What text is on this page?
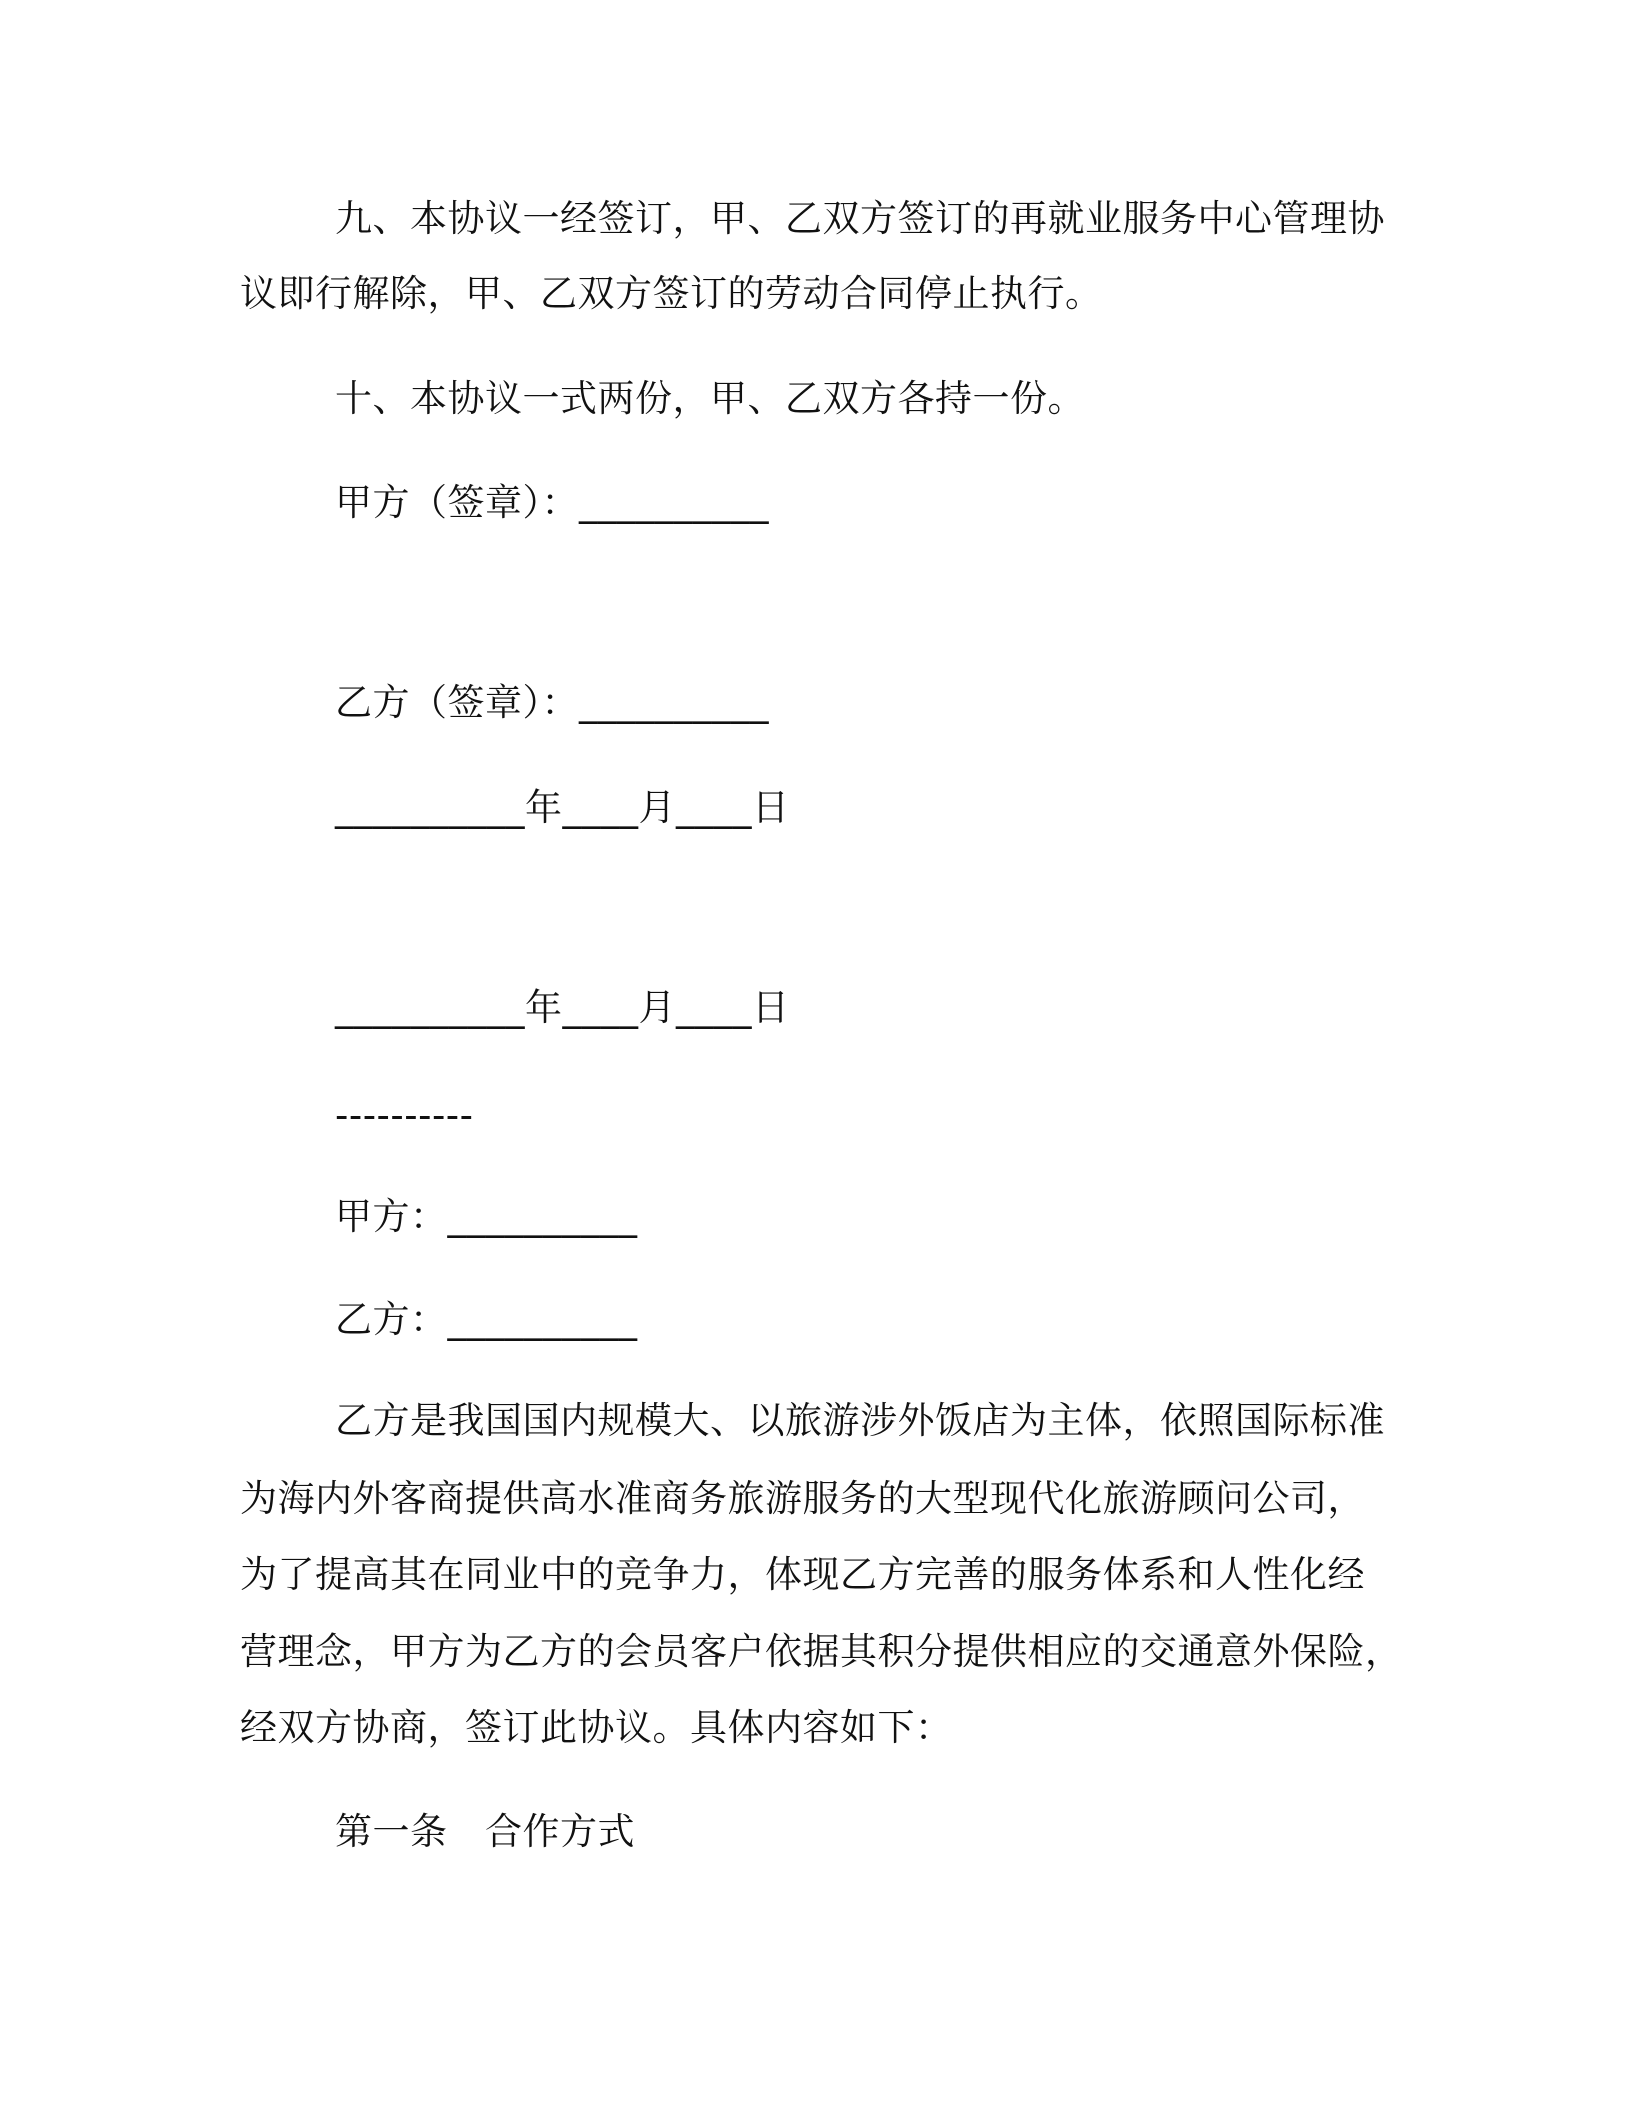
九、本协议一经签订，甲、乙双方签订的再就业服务中心管理协
议即行解除，甲、乙双方签订的劳动合同停止执行。
十、本协议一式两份，甲、乙双方各持一份。
甲方（签章）：__________
乙方（签章）：__________
__________年____月____日
__________年____月____日
----------
甲方：__________
乙方：__________
乙方是我国国内规模大、以旅游涉外饭店为主体，依照国际标准
为海内外客商提供高水准商务旅游服务的大型现代化旅游顾问公司，
为了提高其在同业中的竞争力，体现乙方完善的服务体系和人性化经
营理念，甲方为乙方的会员客户依据其积分提供相应的交通意外保险，
经双方协商，签订此协议。具体内容如下：
第一条　合作方式
